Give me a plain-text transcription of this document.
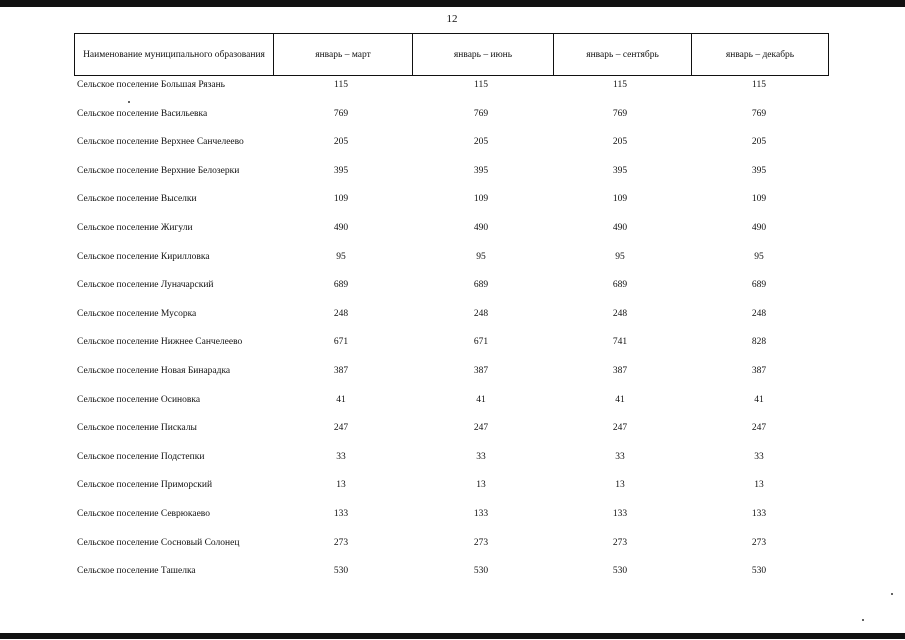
12
Наименование муниципального образования	январь – март	январь – июнь	январь – сентябрь	январь – декабрь
Сельское поселение Большая Рязань	115	115	115	115
Сельское поселение Васильевка	769	769	769	769
Сельское поселение Верхнее Санчелеево	205	205	205	205
Сельское поселение Верхние Белозерки	395	395	395	395
Сельское поселение Выселки	109	109	109	109
Сельское поселение Жигули	490	490	490	490
Сельское поселение Кирилловка	95	95	95	95
Сельское поселение Луначарский	689	689	689	689
Сельское поселение Мусорка	248	248	248	248
Сельское поселение Нижнее Санчелеево	671	671	741	828
Сельское поселение Новая Бинарадка	387	387	387	387
Сельское поселение Осиновка	41	41	41	41
Сельское поселение Пискалы	247	247	247	247
Сельское поселение Подстепки	33	33	33	33
Сельское поселение Приморский	13	13	13	13
Сельское поселение Севрюкаево	133	133	133	133
Сельское поселение Сосновый Солонец	273	273	273	273
Сельское поселение Ташелка	530	530	530	530
